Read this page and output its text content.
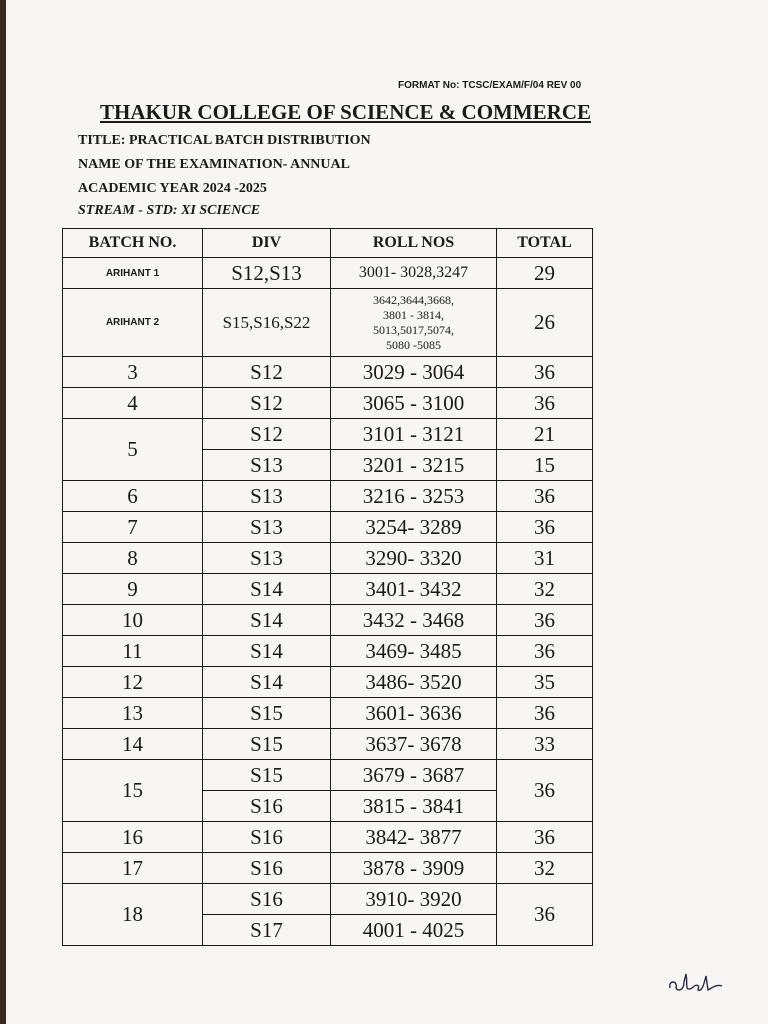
FORMAT No: TCSC/EXAM/F/04 REV 00
THAKUR COLLEGE OF SCIENCE & COMMERCE
TITLE: PRACTICAL BATCH DISTRIBUTION
NAME OF THE EXAMINATION- ANNUAL
ACADEMIC YEAR 2024 -2025
STREAM - STD: XI SCIENCE
BATCH NO.	DIV	ROLL NOS	TOTAL
ARIHANT 1	S12,S13	3001- 3028,3247	29
ARIHANT 2	S15,S16,S22	3642,3644,3668,
3801 - 3814,
5013,5017,5074,
5080 -5085	26
3	S12	3029 - 3064	36
4	S12	3065 - 3100	36
5	S12	3101 - 3121	21
	S13	3201 - 3215	15
6	S13	3216 - 3253	36
7	S13	3254- 3289	36
8	S13	3290- 3320	31
9	S14	3401- 3432	32
10	S14	3432 - 3468	36
11	S14	3469- 3485	36
12	S14	3486- 3520	35
13	S15	3601- 3636	36
14	S15	3637- 3678	33
15	S15	3679 - 3687	36
	S16	3815 - 3841	
16	S16	3842- 3877	36
17	S16	3878 - 3909	32
18	S16	3910- 3920	36
	S17	4001 - 4025	
